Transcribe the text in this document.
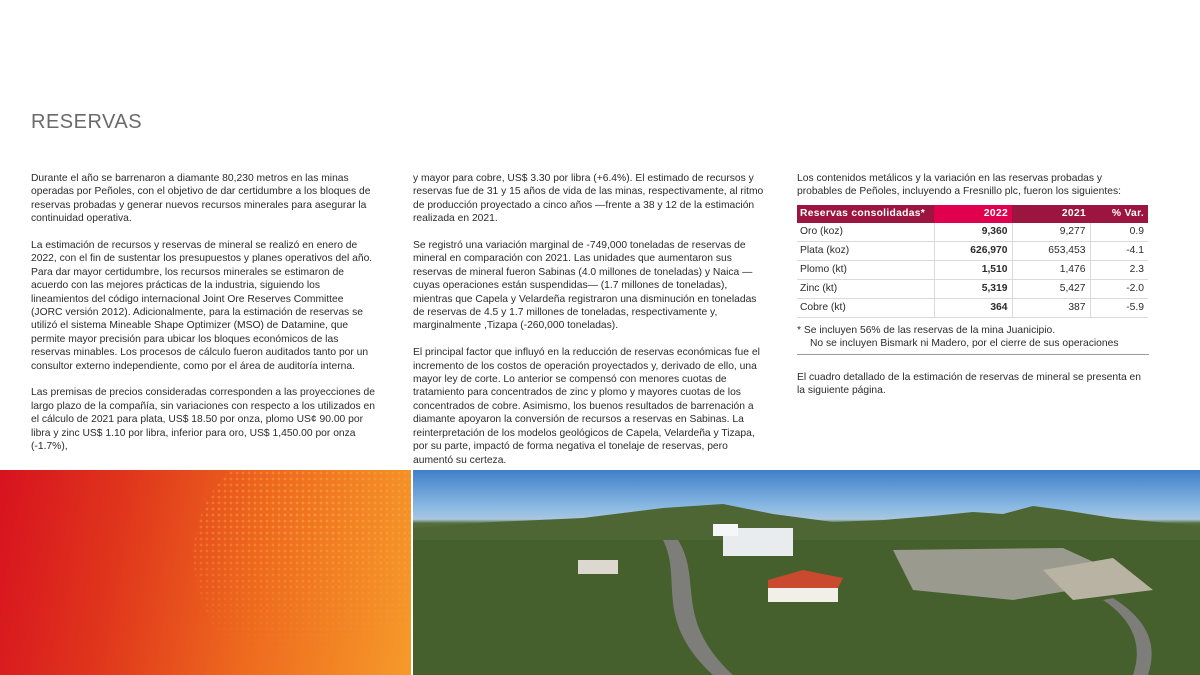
RESERVAS

Durante el año se barrenaron a diamante 80,230 metros en las minas operadas por Peñoles, con el objetivo de dar certidumbre a los bloques de reservas probadas y generar nuevos recursos minerales para asegurar la continuidad operativa.

La estimación de recursos y reservas de mineral se realizó en enero de 2022, con el fin de sustentar los presupuestos y planes operativos del año. Para dar mayor certidumbre, los recursos minerales se estimaron de acuerdo con las mejores prácticas de la industria, siguiendo los lineamientos del código internacional Joint Ore Reserves Committee (JORC versión 2012). Adicionalmente, para la estimación de reservas se utilizó el sistema Mineable Shape Optimizer (MSO) de Datamine, que permite mayor precisión para ubicar los bloques económicos de las reservas minables. Los procesos de cálculo fueron auditados tanto por un consultor externo independiente, como por el área de auditoría interna.

Las premisas de precios consideradas corresponden a las proyecciones de largo plazo de la compañía, sin variaciones con respecto a los utilizados en el cálculo de 2021 para plata, US$ 18.50 por onza, plomo US¢ 90.00 por libra y zinc US$ 1.10 por libra, inferior para oro, US$ 1,450.00 por onza (-1.7%),

y mayor para cobre, US$ 3.30 por libra (+6.4%). El estimado de recursos y reservas fue de 31 y 15 años de vida de las minas, respectivamente, al ritmo de producción proyectado a cinco años —frente a 38 y 12 de la estimación realizada en 2021.

Se registró una variación marginal de -749,000 toneladas de reservas de mineral en comparación con 2021. Las unidades que aumentaron sus reservas de mineral fueron Sabinas (4.0 millones de toneladas) y Naica —cuyas operaciones están suspendidas— (1.7 millones de toneladas), mientras que Capela y Velardeña registraron una disminución en toneladas de reservas de 4.5 y 1.7 millones de toneladas, respectivamente y, marginalmente ,Tizapa (-260,000 toneladas).

El principal factor que influyó en la reducción de reservas económicas fue el incremento de los costos de operación proyectados y, derivado de ello, una mayor ley de corte. Lo anterior se compensó con menores cuotas de tratamiento para concentrados de zinc y plomo y mayores cuotas de los concentrados de cobre. Asimismo, los buenos resultados de barrenación a diamante apoyaron la conversión de recursos a reservas en Sabinas. La reinterpretación de los modelos geológicos de Capela, Velardeña y Tizapa, por su parte, impactó de forma negativa el tonelaje de reservas, pero aumentó su certeza.

Los contenidos metálicos y la variación en las reservas probadas y probables de Peñoles, incluyendo a Fresnillo plc, fueron los siguientes:
Reservas consolidadas*	2022	2021	% Var.
Oro (koz)	9,360	9,277	0.9
Plata (koz)	626,970	653,453	-4.1
Plomo (kt)	1,510	1,476	2.3
Zinc (kt)	5,319	5,427	-2.0
Cobre (kt)	364	387	-5.9
* Se incluyen 56% de las reservas de la mina Juanicipio.
No se incluyen Bismark ni Madero, por el cierre de sus operaciones
El cuadro detallado de la estimación de reservas de mineral se presenta en la siguiente página.
